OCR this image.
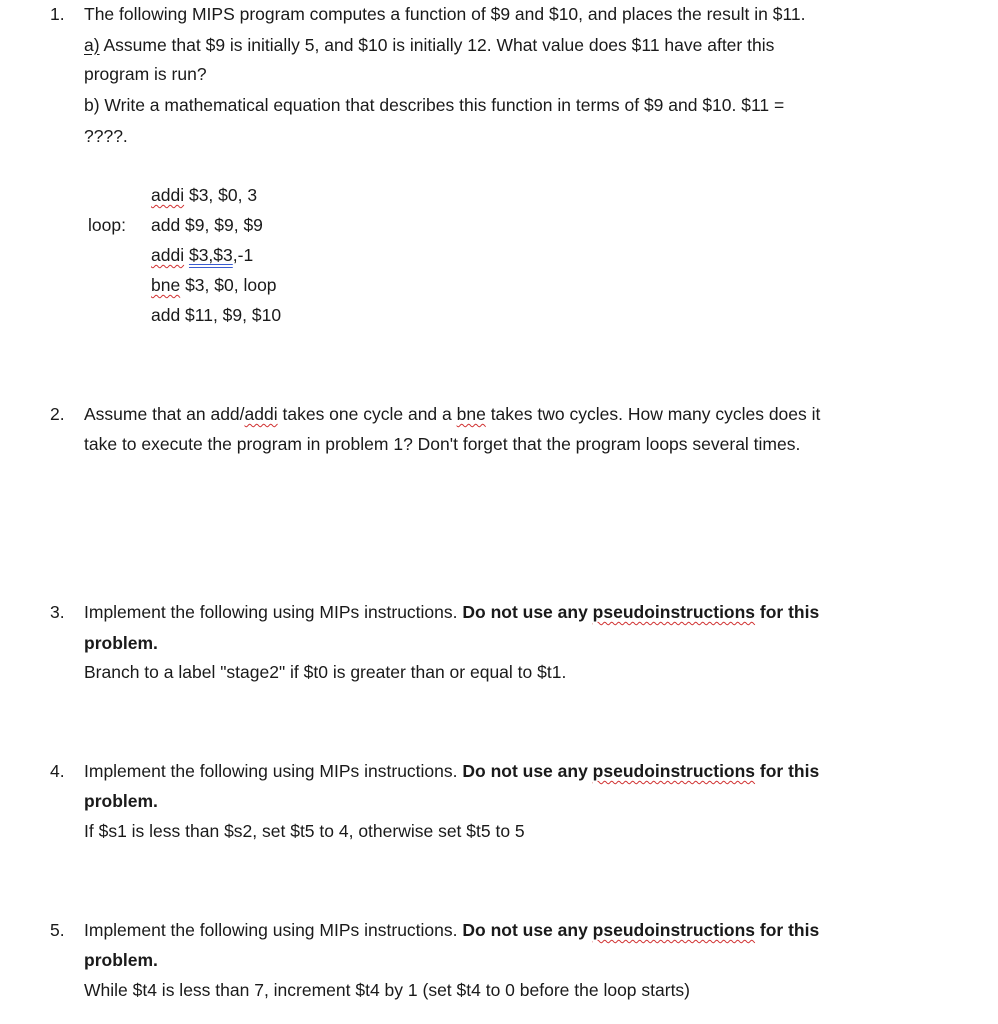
1. The following MIPS program computes a function of $9 and $10, and places the result in $11.
a) Assume that $9 is initially 5, and $10 is initially 12. What value does $11 have after this
program is run?
b) Write a mathematical equation that describes this function in terms of $9 and $10. $11 =
????.
addi $3, $0, 3
loop: add $9, $9, $9
addi $3,$3,-1
bne $3, $0, loop
add $11, $9, $10
2. Assume that an add/addi takes one cycle and a bne takes two cycles. How many cycles does it
take to execute the program in problem 1? Don't forget that the program loops several times.
3. Implement the following using MIPs instructions. Do not use any pseudoinstructions for this
problem.
Branch to a label "stage2" if $t0 is greater than or equal to $t1.
4. Implement the following using MIPs instructions. Do not use any pseudoinstructions for this
problem.
If $s1 is less than $s2, set $t5 to 4, otherwise set $t5 to 5
5. Implement the following using MIPs instructions. Do not use any pseudoinstructions for this
problem.
While $t4 is less than 7, increment $t4 by 1 (set $t4 to 0 before the loop starts)
